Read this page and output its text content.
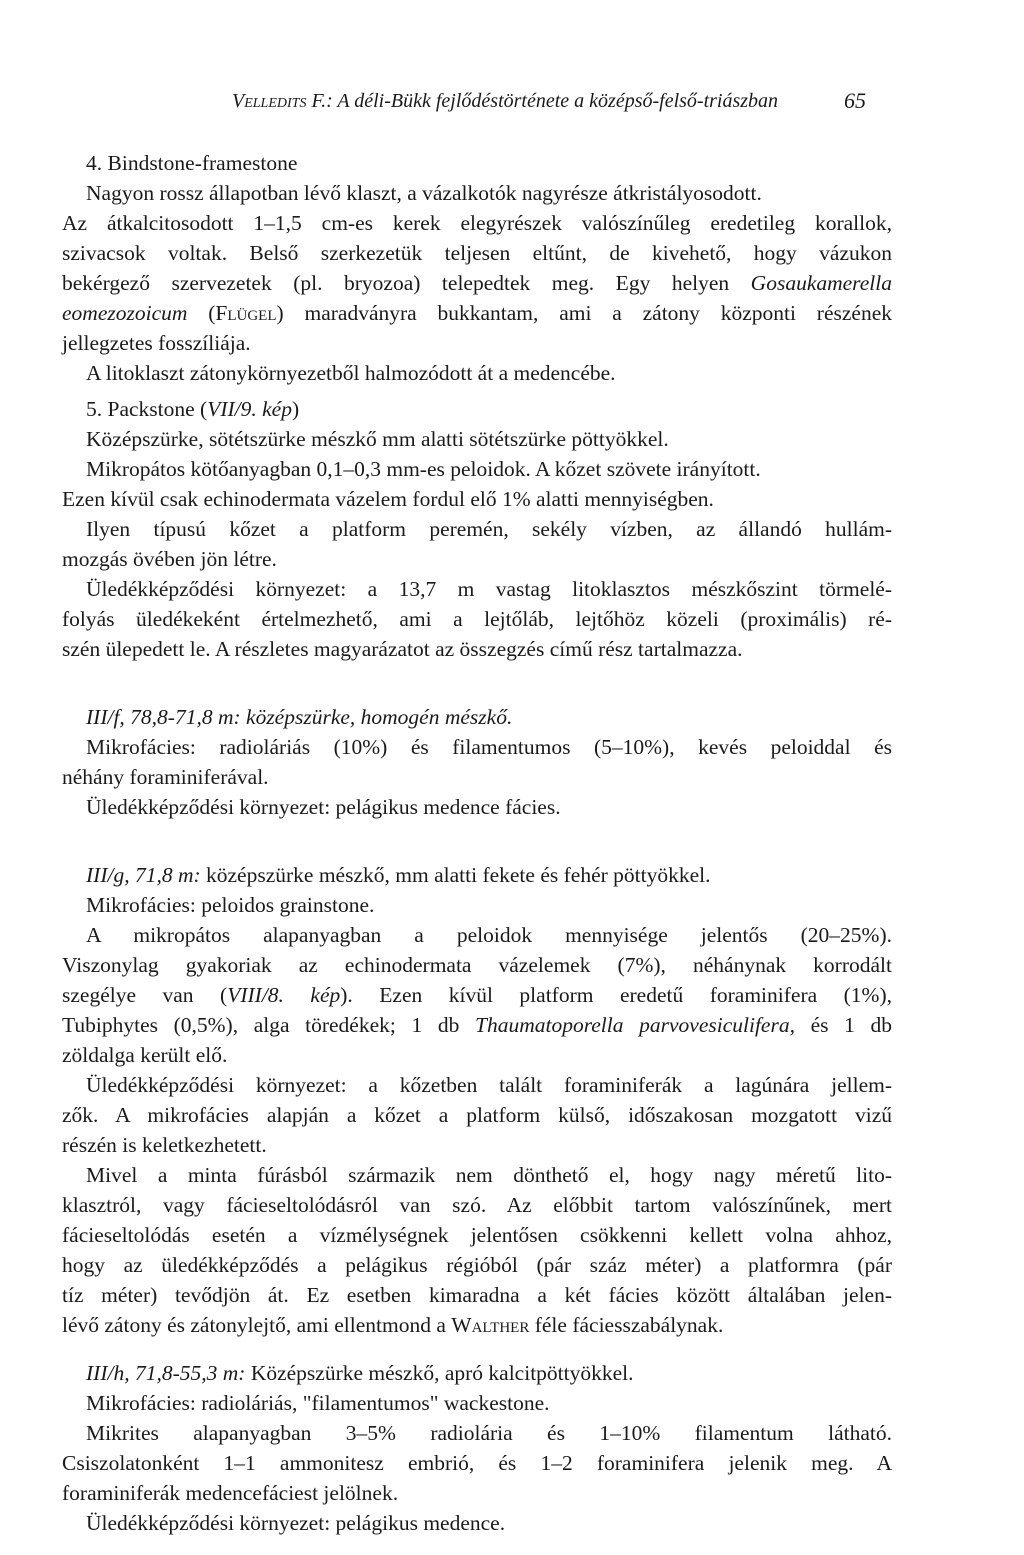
Velledits F.: A déli-Bükk fejlődéstörténete a középső-felső-triászban	65

4. Bindstone-framestone

Nagyon rossz állapotban lévő klaszt, a vázalkotók nagyrésze átkristályosodott.

Az átkalcitosodott 1–1,5 cm-es kerek elegyrészek valószínűleg eredetileg korallok,

szivacsok voltak. Belső szerkezetük teljesen eltűnt, de kivehető, hogy vázukon

bekérgező szervezetek (pl. bryozoa) telepedtek meg. Egy helyen Gosaukamerella

eomezozoicum (Flügel) maradványra bukkantam, ami a zátony központi részének

jellegzetes fosszíliája.

A litoklaszt zátonykörnyezetből halmozódott át a medencébe.

5. Packstone (VII/9. kép)

Középszürke, sötétszürke mészkő mm alatti sötétszürke pöttyökkel.

Mikropátos kötőanyagban 0,1–0,3 mm-es peloidok. A kőzet szövete irányított.

Ezen kívül csak echinodermata vázelem fordul elő 1% alatti mennyiségben.

Ilyen típusú kőzet a platform peremén, sekély vízben, az állandó hullám-

mozgás övében jön létre.

Üledékképződési környezet: a 13,7 m vastag litoklasztos mészkőszint törmelé-

folyás üledékeként értelmezhető, ami a lejtőláb, lejtőhöz közeli (proximális) ré-

szén ülepedett le. A részletes magyarázatot az összegzés című rész tartalmazza.

III/f, 78,8-71,8 m: középszürke, homogén mészkő.

Mikrofácies: radioláriás (10%) és filamentumos (5–10%), kevés peloiddal és

néhány foraminiferával.

Üledékképződési környezet: pelágikus medence fácies.

III/g, 71,8 m: középszürke mészkő, mm alatti fekete és fehér pöttyökkel.

Mikrofácies: peloidos grainstone.

A mikropátos alapanyagban a peloidok mennyisége jelentős (20–25%).

Viszonylag gyakoriak az echinodermata vázelemek (7%), néhánynak korrodált

szegélye van (VIII/8. kép). Ezen kívül platform eredetű foraminifera (1%),

Tubiphytes (0,5%), alga töredékek; 1 db Thaumatoporella parvovesiculifera, és 1 db

zöldalga került elő.

Üledékképződési környezet: a kőzetben talált foraminiferák a lagúnára jellem-

zők. A mikrofácies alapján a kőzet a platform külső, időszakosan mozgatott vizű

részén is keletkezhetett.

Mivel a minta fúrásból származik nem dönthető el, hogy nagy méretű lito-

klasztról, vagy fácieseltolódásról van szó. Az előbbit tartom valószínűnek, mert

fácieseltolódás esetén a vízmélységnek jelentősen csökkenni kellett volna ahhoz,

hogy az üledékképződés a pelágikus régióból (pár száz méter) a platformra (pár

tíz méter) tevődjön át. Ez esetben kimaradna a két fácies között általában jelen-

lévő zátony és zátonylejtő, ami ellentmond a Walther féle fáciesszabálynak.

III/h, 71,8-55,3 m: Középszürke mészkő, apró kalcitpöttyökkel.

Mikrofácies: radioláriás, "filamentumos" wackestone.

Mikrites alapanyagban 3–5% radiolária és 1–10% filamentum látható.

Csiszolatonként 1–1 ammonitesz embrió, és 1–2 foraminifera jelenik meg. A

foraminiferák medencefáciest jelölnek.

Üledékképződési környezet: pelágikus medence.
